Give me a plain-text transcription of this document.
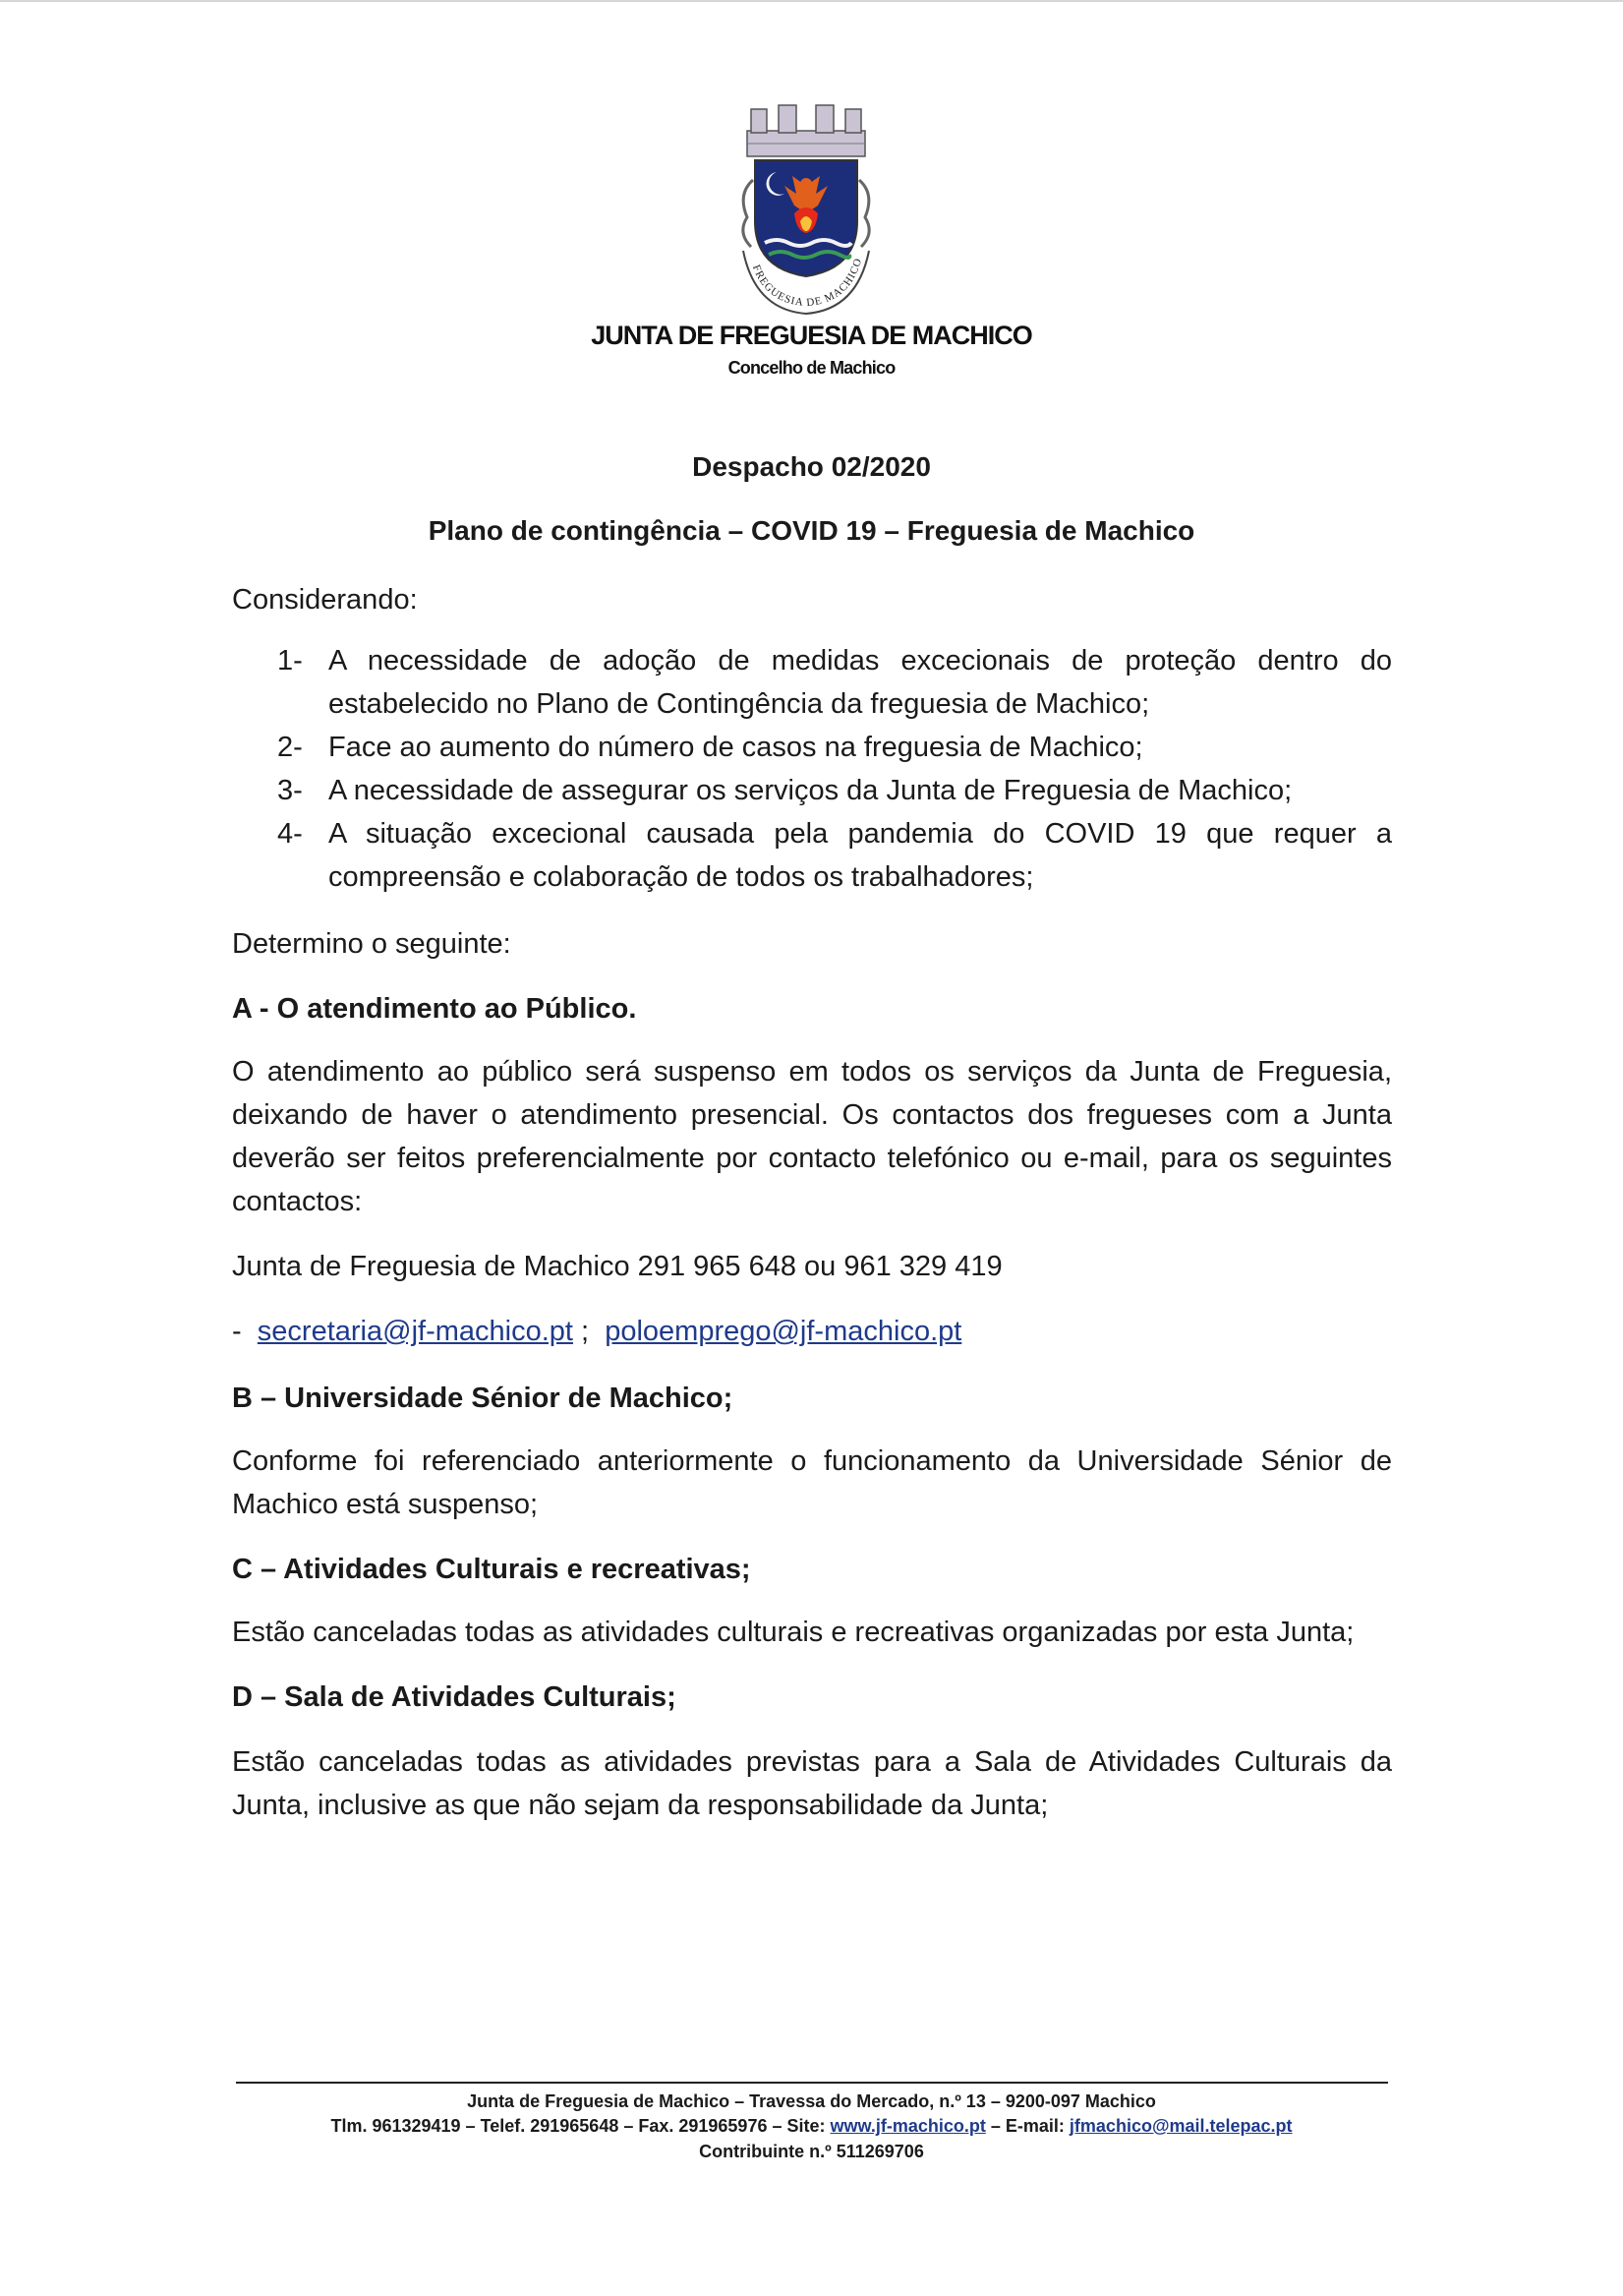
FREGUESIA DE MACHICO
JUNTA DE FREGUESIA DE MACHICO
Concelho de Machico
Despacho 02/2020
Plano de contingência – COVID 19 – Freguesia de Machico
Considerando:
1- A necessidade de adoção de medidas excecionais de proteção dentro do estabelecido no Plano de Contingência da freguesia de Machico;
2- Face ao aumento do número de casos na freguesia de Machico;
3- A necessidade de assegurar os serviços da Junta de Freguesia de Machico;
4- A situação excecional causada pela pandemia do COVID 19 que requer a compreensão e colaboração de todos os trabalhadores;
Determino o seguinte:
A - O atendimento ao Público.
O atendimento ao público será suspenso em todos os serviços da Junta de Freguesia, deixando de haver o atendimento presencial. Os contactos dos fregueses com a Junta deverão ser feitos preferencialmente por contacto telefónico ou e-mail, para os seguintes contactos:
Junta de Freguesia de Machico 291 965 648 ou 961 329 419
- secretaria@jf-machico.pt ; poloemprego@jf-machico.pt
B – Universidade Sénior de Machico;
Conforme foi referenciado anteriormente o funcionamento da Universidade Sénior de Machico está suspenso;
C – Atividades Culturais e recreativas;
Estão canceladas todas as atividades culturais e recreativas organizadas por esta Junta;
D – Sala de Atividades Culturais;
Estão canceladas todas as atividades previstas para a Sala de Atividades Culturais da Junta, inclusive as que não sejam da responsabilidade da Junta;
Junta de Freguesia de Machico – Travessa do Mercado, n.º 13 – 9200-097 Machico
Tlm. 961329419 – Telef. 291965648 – Fax. 291965976 – Site: www.jf-machico.pt – E-mail: jfmachico@mail.telepac.pt
Contribuinte n.º 511269706
